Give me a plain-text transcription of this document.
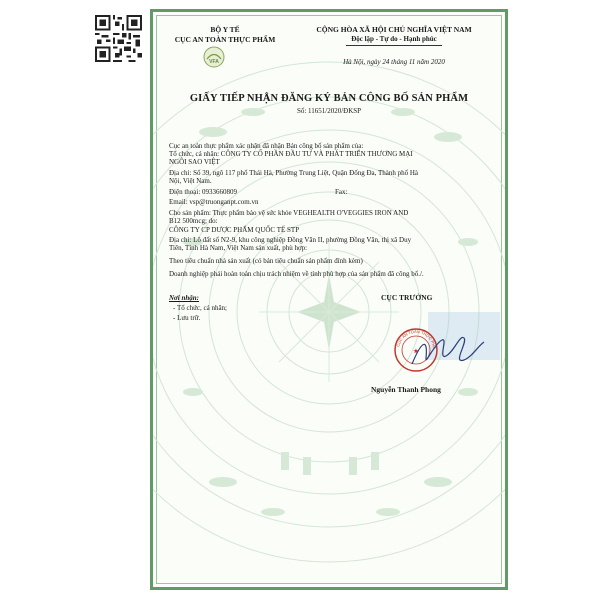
BỘ Y TẾ
CỤC AN TOÀN THỰC PHẨM
VFA
CỘNG HÒA XÃ HỘI CHỦ NGHĨA VIỆT NAM
Độc lập - Tự do - Hạnh phúc
Hà Nội, ngày 24 tháng 11 năm 2020
GIẤY TIẾP NHẬN ĐĂNG KÝ BẢN CÔNG BỐ SẢN PHẨM
Số: 11651/2020/ĐKSP
Cục an toàn thực phẩm xác nhận đã nhận Bản công bố sản phẩm của:
Tổ chức, cá nhân: CÔNG TY CỔ PHẦN ĐẦU TƯ VÀ PHÁT TRIỂN THƯƠNG MẠI
NGÔI SAO VIỆT
Địa chỉ: Số 39, ngõ 117 phố Thái Hà, Phường Trung Liệt, Quận Đống Đa, Thành phố Hà
Nội, Việt Nam.
Điện thoại: 0933660809	Fax:
Email: vsp@truonganpt.com.vn
Cho sản phẩm: Thực phẩm bảo vệ sức khỏe VEGHEALTH O'VEGGIES IRON AND
B12 500mcg; do:
CÔNG TY CP DƯỢC PHẨM QUỐC TẾ STP
Địa chỉ: Lô đất số N2-9, khu công nghiệp Đồng Văn II, phường Đồng Văn, thị xã Duy
Tiên, Tỉnh Hà Nam, Việt Nam sản xuất, phù hợp:
Theo tiêu chuẩn nhà sản xuất (có bản tiêu chuẩn sản phẩm đính kèm)
Doanh nghiệp phải hoàn toàn chịu trách nhiệm về tính phù hợp của sản phẩm đã công bố./.
Nơi nhận:
- Tổ chức, cá nhân;
- Lưu trữ.
CỤC TRƯỞNG
CỤC AN TOÀN THỰC PHẨ
★
Nguyễn Thanh Phong
